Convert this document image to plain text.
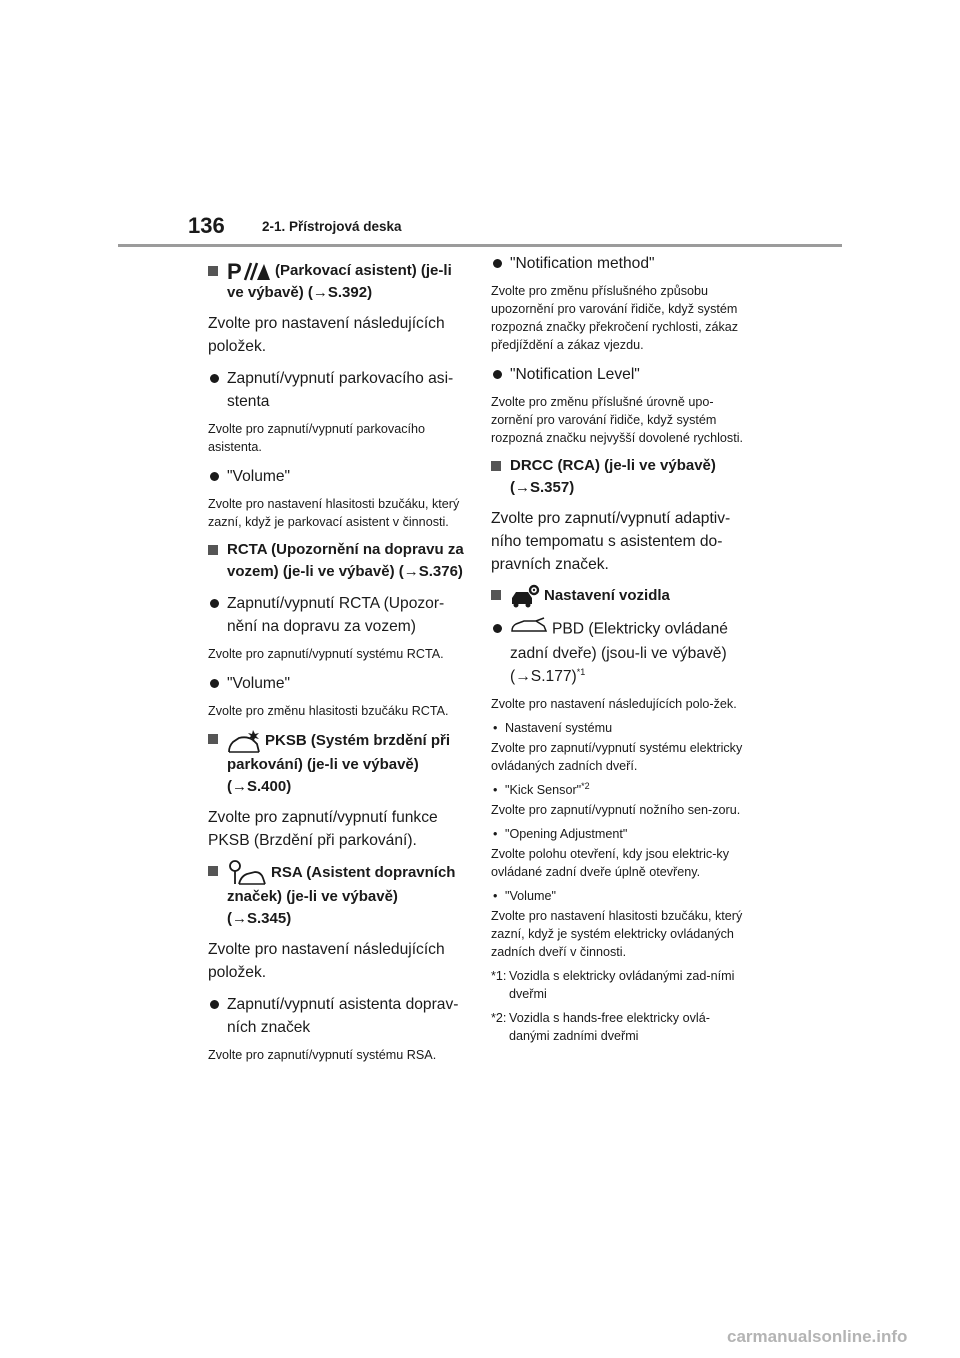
136	2-1. Přístrojová deska
P (Parkovací asistent) (je-li ve výbavě) (→S.392)
Zvolte pro nastavení následujících položek.
Zapnutí/vypnutí parkovacího asi-stenta
Zvolte pro zapnutí/vypnutí parkovacího asistenta.
"Volume"
Zvolte pro nastavení hlasitosti bzučáku, který zazní, když je parkovací asistent v činnosti.
RCTA (Upozornění na dopravu za vozem) (je-li ve výbavě) (→S.376)
Zapnutí/vypnutí RCTA (Upozor-nění na dopravu za vozem)
Zvolte pro zapnutí/vypnutí systému RCTA.
"Volume"
Zvolte pro změnu hlasitosti bzučáku RCTA.
PKSB (Systém brzdění při parkování) (je-li ve výbavě) (→S.400)
Zvolte pro zapnutí/vypnutí funkce PKSB (Brzdění při parkování).
RSA (Asistent dopravních značek) (je-li ve výbavě) (→S.345)
Zvolte pro nastavení následujících položek.
Zapnutí/vypnutí asistenta doprav-ních značek
Zvolte pro zapnutí/vypnutí systému RSA.
"Notification method"
Zvolte pro změnu příslušného způsobu upozornění pro varování řidiče, když systém rozpozná značky překročení rychlosti, zákaz předjíždění a zákaz vjezdu.
"Notification Level"
Zvolte pro změnu příslušné úrovně upo-zornění pro varování řidiče, když systém rozpozná značku nejvyšší dovolené rychlosti.
DRCC (RCA) (je-li ve výbavě) (→S.357)
Zvolte pro zapnutí/vypnutí adaptiv-ního tempomatu s asistentem do-pravních značek.
Nastavení vozidla
PBD (Elektricky ovládané zadní dveře) (jsou-li ve výbavě) $(\to S.177)^{*1}$
Zvolte pro nastavení následujících polo-žek.
• Nastavení systému
Zvolte pro zapnutí/vypnutí systému elektricky ovládaných zadních dveří.
• "Kick Sensor"$^{*2}$
Zvolte pro zapnutí/vypnutí nožního sen-zoru.
• "Opening Adjustment"
Zvolte polohu otevření, kdy jsou elektric-ky ovládané zadní dveře úplně otevřeny.
• "Volume"
Zvolte pro nastavení hlasitosti bzučáku, který zazní, když je systém elektricky ovládaných zadních dveří v činnosti.
*1: Vozidla s elektricky ovládanými zad-ními dveřmi
*2: Vozidla s hands-free elektricky ovlá-danými zadními dveřmi
carmanualsonline.info
